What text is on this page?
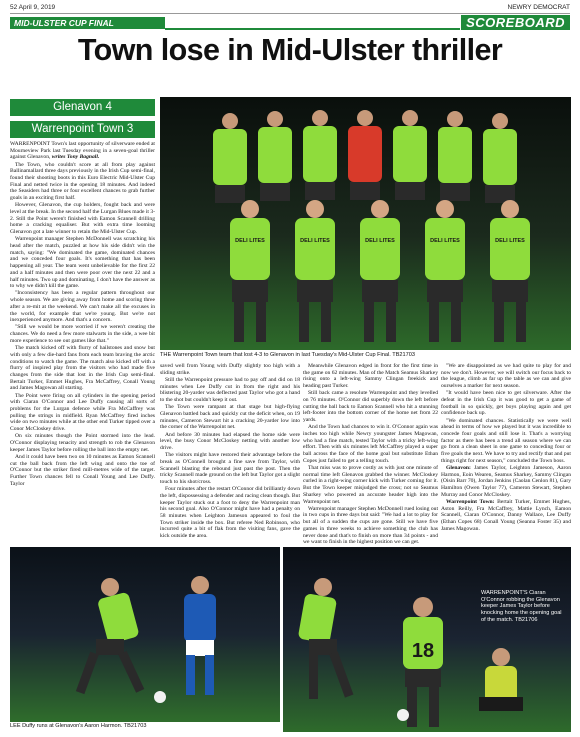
52 April 9, 2019	NEWRY DEMOCRAT
MID-ULSTER CUP FINAL	SCOREBOARD
Town lose in Mid-Ulster thriller
Glenavon 4
Warrenpoint Town 3

WARRENPOINT Town's last opportunity of silverware ended at Mourneview Park last Tuesday evening in a seven-goal thriller against Glenavon, writes Tony Bagnall.

The Town, who couldn't score at all from play against Ballinamallard three days previously in the Irish Cup semi-final, found their shooting boots in this Euro Electric Mid-Ulster Cup Final and netted twice in the opening 18 minutes. And indeed the Seasiders had three or four excellent chances to grab further goals in an exciting first half.

However, Glenavon, the cup holders, fought back and were level at the break. In the second half the Lurgan Blues made it 3-2. Still the Point weren't finished with Eamon Scannell drilling home a cracking equaliser. But with extra time looming Glenavon got a late winner to retain the Mid-Ulster Cup.

Warrenpoint manager Stephen McDonnell was scratching his head after the match, puzzled at how his side didn't win the match, saying: "We dominated the game, dominated chances and we conceded four goals. It's something that has been happening all year. The team went unbelievable for the first 22 and a half minutes and then were poor over the next 22 and a half minutes. Two up and dominating, I don't have the answer as to why we didn't kill the game.

"Inconsistency has been a regular pattern throughout our whole season. We are giving away from home and scoring three after a re-mit at the weekend. We can't make all the excuses in the world, for example that we're young. But we're not inexperienced anymore. And that's a concern.

"Still we would be more worried if we weren't creating the chances. We do need a few more stalwarts in the side, a wee bit more experience to see out games like that."

The match kicked off with flurry of hailstones and snow but with only a few die-hard fans from each team braving the arctic conditions to watch the game. The match also kicked off with a flurry of inspired play from the visitors who had made five changes from the side that lost in the Irish Cup semi-final. Bertait Turker, Emmet Hughes, Fra McCaffrey, Conall Young and James Magowan all starting.

The Point were firing on all cylinders in the opening period with Ciaran O'Connor and Lee Duffy causing all sorts of problems for the Lurgan defence while Fra McCaffrey was pulling the strings in midfield. Ryan McCaffrey fired inches wide on two minutes while at the other end Turker tipped over a Conor McCloskey drive.

On six minutes though the Point stormed into the lead. O'Connor displaying tenacity and strength to rob the Glenavon keeper James Taylor before rolling the ball into the empty net.

And it could have been two on 10 minutes as Eamon Scannell cut the ball back from the left wing and onto the toe of O'Connor but the striker fired mill-metres wide of the target. Further Town chances fell to Conall Young and Lee Duffy. Taylor

DELI LITES	DELI LITES	DELI LITES	DELI LITES	DELI LITES
THE Warrenpoint Town team that lost 4-3 to Glenavon in last Tuesday's Mid-Ulster Cup Final. TB21703

saved well from Young with Duffy slightly too high with a sliding strike.

Still the Warrenpoint pressure had to pay off and did on 18 minutes when Lee Duffy cut in from the right and his blistering 20-yarder was deflected past Taylor who got a hand to the shot but couldn't keep it out.

The Town were rampant at that stage but high-flying Glenavon battled back and quickly cut the deficit when, on 19 minutes, Cameron Stewart hit a cracking 20-yarder low into the corner of the Warrenpoint net.

And before 30 minutes had elapsed the home side were level, the busy Conor McCloskey netting with another low drive.

The visitors might have restored their advantage before the break as O'Connell brought a fine save from Taylor, with Scannell blasting the rebound just past the post. Then the tricky Scannell made ground on the left but Taylor got a slight touch to his shot/cross.

Four minutes after the restart O'Connor did brilliantly down the left, dispossessing a defender and racing clean though. But keeper Taylor stuck out a foot to deny the Warrenpoint man his second goal. Also O'Connor might have had a penalty on 58 minutes when Leighton Jameson appeared to foul the Town striker inside the box. But referee Ned Robinson, who incurred quite a bit of flak from the visiting fans, gave the kick outside the area.

Meanwhile Glenavon edged in front for the first time in the game on 62 minutes. Man of the Match Seamus Sharkey rising onto a left-wing Sammy Clingan freekick and heading past Turker.

Still back came a resolute Warrenpoint and they levelled on 76 minutes. O'Connor did superbly down the left before cutting the ball back to Eamon Scannell who hit a stunning left-footer into the bottom corner of the home net from 22 yards.

And the Town had chances to win it. O'Connor again was inches too high while Newry youngster James Magowan, who had a fine match, tested Taylor with a tricky left-wing effort. Then with six minutes left McCaffrey played a super ball across the face of the home goal but substitute Ethan Copes just failed to get a telling touch.

That miss was to prove costly as with just one minute of normal time left Glenavon grabbed the winner. McCloskey curled in a right-wing corner kick with Turker coming for it. But the Town keeper misjudged the cross; not so Seamus Sharkey who powered an accurate header high into the Warrenpoint net.

Warrenpoint manager Stephen McDonnell rued losing out in two cups in three days but said: "We had a lot to play for but all of a sudden the cups are gone. Still we have five games in three weeks to achieve something the club has never done and that's to finish on more than 34 points - and we want to finish in the highest position we can get.

"We are disappointed as we had quite to play for and now we don't. However, we will switch our focus back to the league, climb as far up the table as we can and give ourselves a marker for next season.

"It would have been nice to get silverware. After the defeat in the Irish Cup it was good to get a game of football in so quickly, get boys playing again and get confidence back up.

"We dominated chances. Statistically we were well ahead in terms of how we played but it was incredible to concede four goals and still lose it. That's a worrying factor as there has been a trend all season where we can go from a clean sheet in one game to conceding four or five goals the next. We have to try and rectify that and put things right for next season," concluded the Town boss.

Glenavon: James Taylor, Leighton Jameson, Aaron Harmon, Eoin Wearen, Seamus Sharkey, Sammy Clingan (Oisin Barr 70), Jordan Jenkins (Caolan Cenlon 81), Gary Hamilton (Owen Taylor 77), Cameron Stewart, Stephen Murray and Conor McCloskey.

Warrenpoint Town: Bertait Turker, Emmet Hughes, Aston Reilly, Fra McCaffrey, Mattie Lynch, Eamon Scannell, Ciaran O'Connor, Danny Wallace, Lee Duffy (Ethan Copes 68) Conall Young (Seanna Foster 35) and James Magowan.

LEE Duffy runs at Glenavon's Aaron Harmon. TB21703
18
WARRENPOINT'S Ciaran O'Connor robbing the Glenavon keeper James Taylor before knocking home the opening goal of the match. TB21706
